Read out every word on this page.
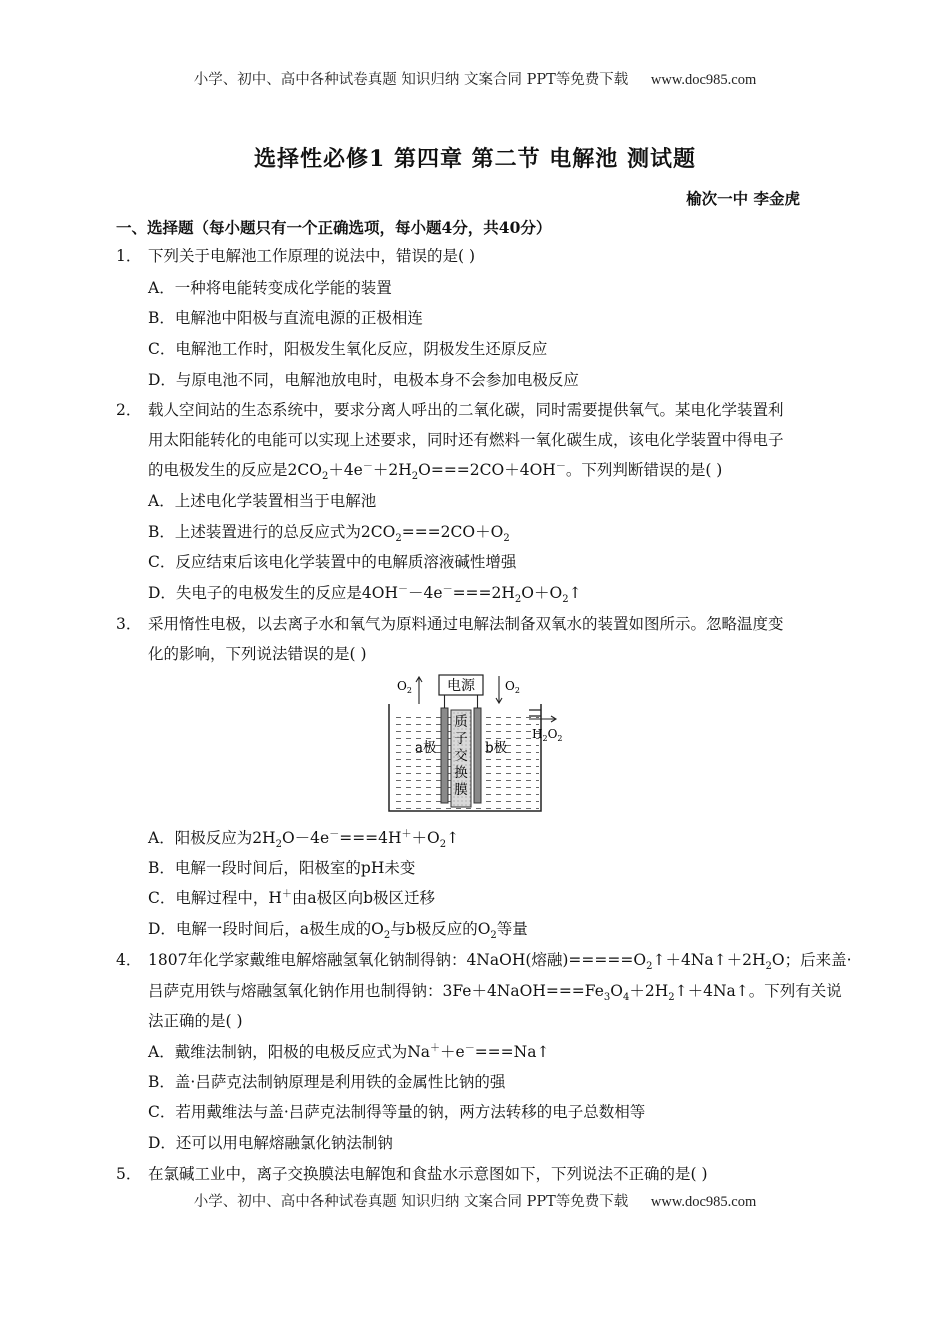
小学、初中、高中各种试卷真题 知识归纳 文案合同 PPT等免费下载 www.doc985.com
选择性必修1 第四章 第二节 电解池 测试题
榆次一中 李金虎
一、选择题（每小题只有一个正确选项，每小题4分，共40分）
1． 下列关于电解池工作原理的说法中，错误的是( )
A．一种将电能转变成化学能的装置
B．电解池中阳极与直流电源的正极相连
C．电解池工作时，阳极发生氧化反应，阴极发生还原反应
D．与原电池不同，电解池放电时，电极本身不会参加电极反应
2． 载人空间站的生态系统中，要求分离人呼出的二氧化碳，同时需要提供氧气。某电化学装置利
用太阳能转化的电能可以实现上述要求，同时还有燃料一氧化碳生成，该电化学装置中得电子
的电极发生的反应是$2CO_2+4e^-+2H_2O===2CO+4OH^-$。下列判断错误的是( )
A．上述电化学装置相当于电解池
B．上述装置进行的总反应式为$2CO_2===2CO+O_2$
C．反应结束后该电化学装置中的电解质溶液碱性增强
D．失电子的电极发生的反应是$4OH^--4e^-===2H_2O+O_2↑$
3． 采用惰性电极，以去离子水和氧气为原料通过电解法制备双氧水的装置如图所示。忽略温度变
化的影响，下列说法错误的是( )
电源
$O_2$	$O_2$
$H_2O_2$
质
子
交
换
膜
a极	b极
A．阳极反应为$2H_2O-4e^-===4H^++O_2↑$
B．电解一段时间后，阳极室的pH未变
C．电解过程中，H＋由a极区向b极区迁移
D．电解一段时间后，a极生成的$O_2$与b极反应的$O_2$等量
4． 1807年化学家戴维电解熔融氢氧化钠制得钠：4NaOH(熔融)$=====O_2↑+4Na↑+2H_2O$；后来盖·
吕萨克用铁与熔融氢氧化钠作用也制得钠：$3Fe+4NaOH===Fe_3O_4+2H_2↑+4Na↑$。下列有关说
法正确的是( )
A．戴维法制钠，阳极的电极反应式为Na＋＋e－===Na↑
B．盖·吕萨克法制钠原理是利用铁的金属性比钠的强
C．若用戴维法与盖·吕萨克法制得等量的钠，两方法转移的电子总数相等
D．还可以用电解熔融氯化钠法制钠
5． 在氯碱工业中，离子交换膜法电解饱和食盐水示意图如下，下列说法不正确的是( )
小学、初中、高中各种试卷真题 知识归纳 文案合同 PPT等免费下载 www.doc985.com
